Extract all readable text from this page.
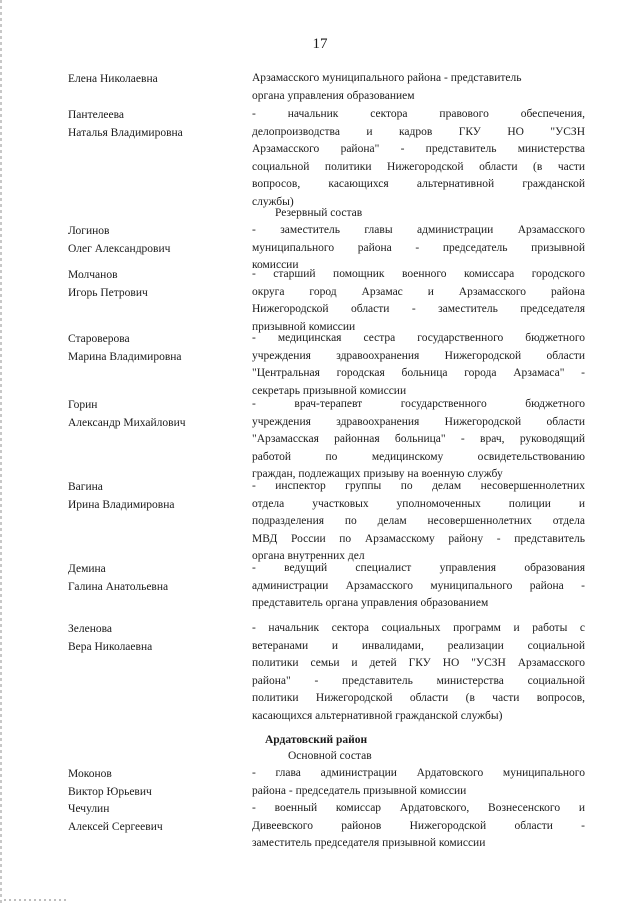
17
Елена Николаевна	Арзамасского муниципального района - представитель
органа управления образованием
Пантелеева
Наталья Владимировна
- начальник сектора правового обеспечения,
делопроизводства и кадров ГКУ НО "УСЗН
Арзамасского района" - представитель министерства
социальной политики Нижегородской области (в части
вопросов, касающихся альтернативной гражданской
службы)
Резервный состав
Логинов
Олег Александрович
- заместитель главы администрации Арзамасского
муниципального района - председатель призывной
комиссии
Молчанов
Игорь Петрович
- старший помощник военного комиссара городского
округа город Арзамас и Арзамасского района
Нижегородской области - заместитель председателя
призывной комиссии
Староверова
Марина Владимировна
- медицинская сестра государственного бюджетного
учреждения здравоохранения Нижегородской области
"Центральная городская больница города Арзамаса" -
секретарь призывной комиссии
Горин
Александр Михайлович
- врач-терапевт государственного бюджетного
учреждения здравоохранения Нижегородской области
"Арзамасская районная больница" - врач, руководящий
работой по медицинскому освидетельствованию
граждан, подлежащих призыву на военную службу
Вагина
Ирина Владимировна
- инспектор группы по делам несовершеннолетних
отдела участковых уполномоченных полиции и
подразделения по делам несовершеннолетних отдела
МВД России по Арзамасскому району - представитель
органа внутренних дел
Демина
Галина Анатольевна
- ведущий специалист управления образования
администрации Арзамасского муниципального района -
представитель органа управления образованием
Зеленова
Вера Николаевна
- начальник сектора социальных программ и работы с
ветеранами и инвалидами, реализации социальной
политики семьи и детей ГКУ НО "УСЗН Арзамасского
района" - представитель министерства социальной
политики Нижегородской области (в части вопросов,
касающихся альтернативной гражданской службы)
Ардатовский район
Основной состав
Моконов
Виктор Юрьевич
- глава администрации Ардатовского муниципального
района - председатель призывной комиссии
Чечулин
Алексей Сергеевич
- военный комиссар Ардатовского, Вознесенского и
Дивеевского районов Нижегородской области -
заместитель председателя призывной комиссии
